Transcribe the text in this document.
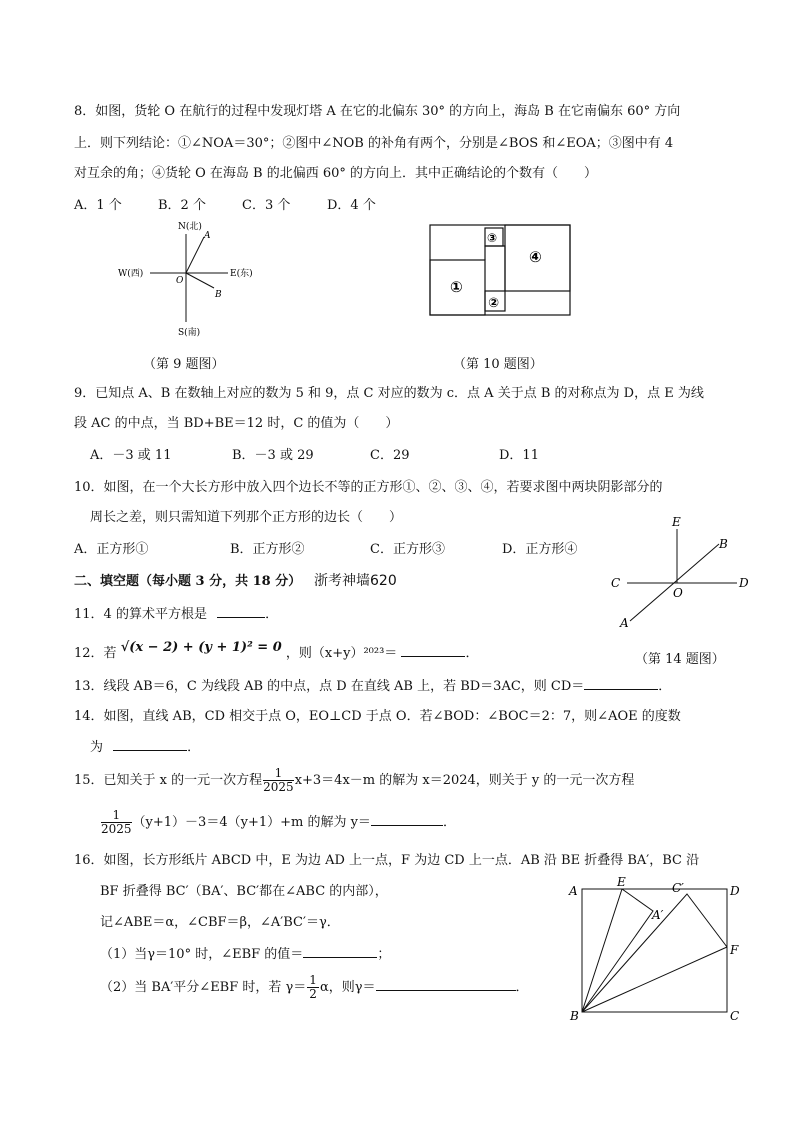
8．如图，货轮 O 在航行的过程中发现灯塔 A 在它的北偏东 30° 的方向上，海岛 B 在它南偏东 60° 方向
上．则下列结论：①∠NOA＝30°；②图中∠NOB 的补角有两个，分别是∠BOS 和∠EOA；③图中有 4
对互余的角；④货轮 O 在海岛 B 的北偏西 60° 的方向上．其中正确结论的个数有（　　）
A．1 个	B．2 个	C．3 个	D．4 个
N(北)
S(南)
W(西)	E(东)
O
A
B
（第 9 题图）
①
②
③
④
（第 10 题图）
9．已知点 A、B 在数轴上对应的数为 5 和 9，点 C 对应的数为 c．点 A 关于点 B 的对称点为 D，点 E 为线
段 AC 的中点，当 BD+BE＝12 时，C 的值为（　　）
A．－3 或 11	B．－3 或 29	C．29	D．11
10．如图，在一个大长方形中放入四个边长不等的正方形①、②、③、④，若要求图中两块阴影部分的
周长之差，则只需知道下列那个正方形的边长（　　）
A．正方形①	B．正方形②	C．正方形③	D．正方形④
二、填空题（每小题 3 分，共 18 分） 浙考神墙620
E
B
C
O
D
A
（第 14 题图）
11．4 的算术平方根是	．
12．若 √(x − 2) + (y + 1)² = 0 ，则（x+y）²⁰²³＝	．
13．线段 AB＝6，C 为线段 AB 的中点，点 D 在直线 AB 上，若 BD＝3AC，则 CD＝	．
14．如图，直线 AB，CD 相交于点 O，EO⊥CD 于点 O．若∠BOD：∠BOC＝2：7，则∠AOE 的度数
为	．
15．已知关于 x 的一元一次方程 $\frac{1}{2025} x+3=4x-m$ 的解为 x＝2024，则关于 y 的一元一次方程
$\frac{1}{2025} (y+1)-3=4(y+1)+m$ 的解为 y＝	．
16．如图，长方形纸片 ABCD 中，E 为边 AD 上一点，F 为边 CD 上一点．AB 沿 BE 折叠得 BA′，BC 沿
BF 折叠得 BC′（BA′、BC′都在∠ABC 的内部），
记∠ABE＝α，∠CBF＝β，∠A′BC′＝γ．
（1）当γ＝10° 时，∠EBF 的值＝	；
（2）当 BA′平分∠EBF 时，若 $\gamma= \frac{1}{2}$ α，则γ＝	．
A
E
D
C′
A′
F
B	C
